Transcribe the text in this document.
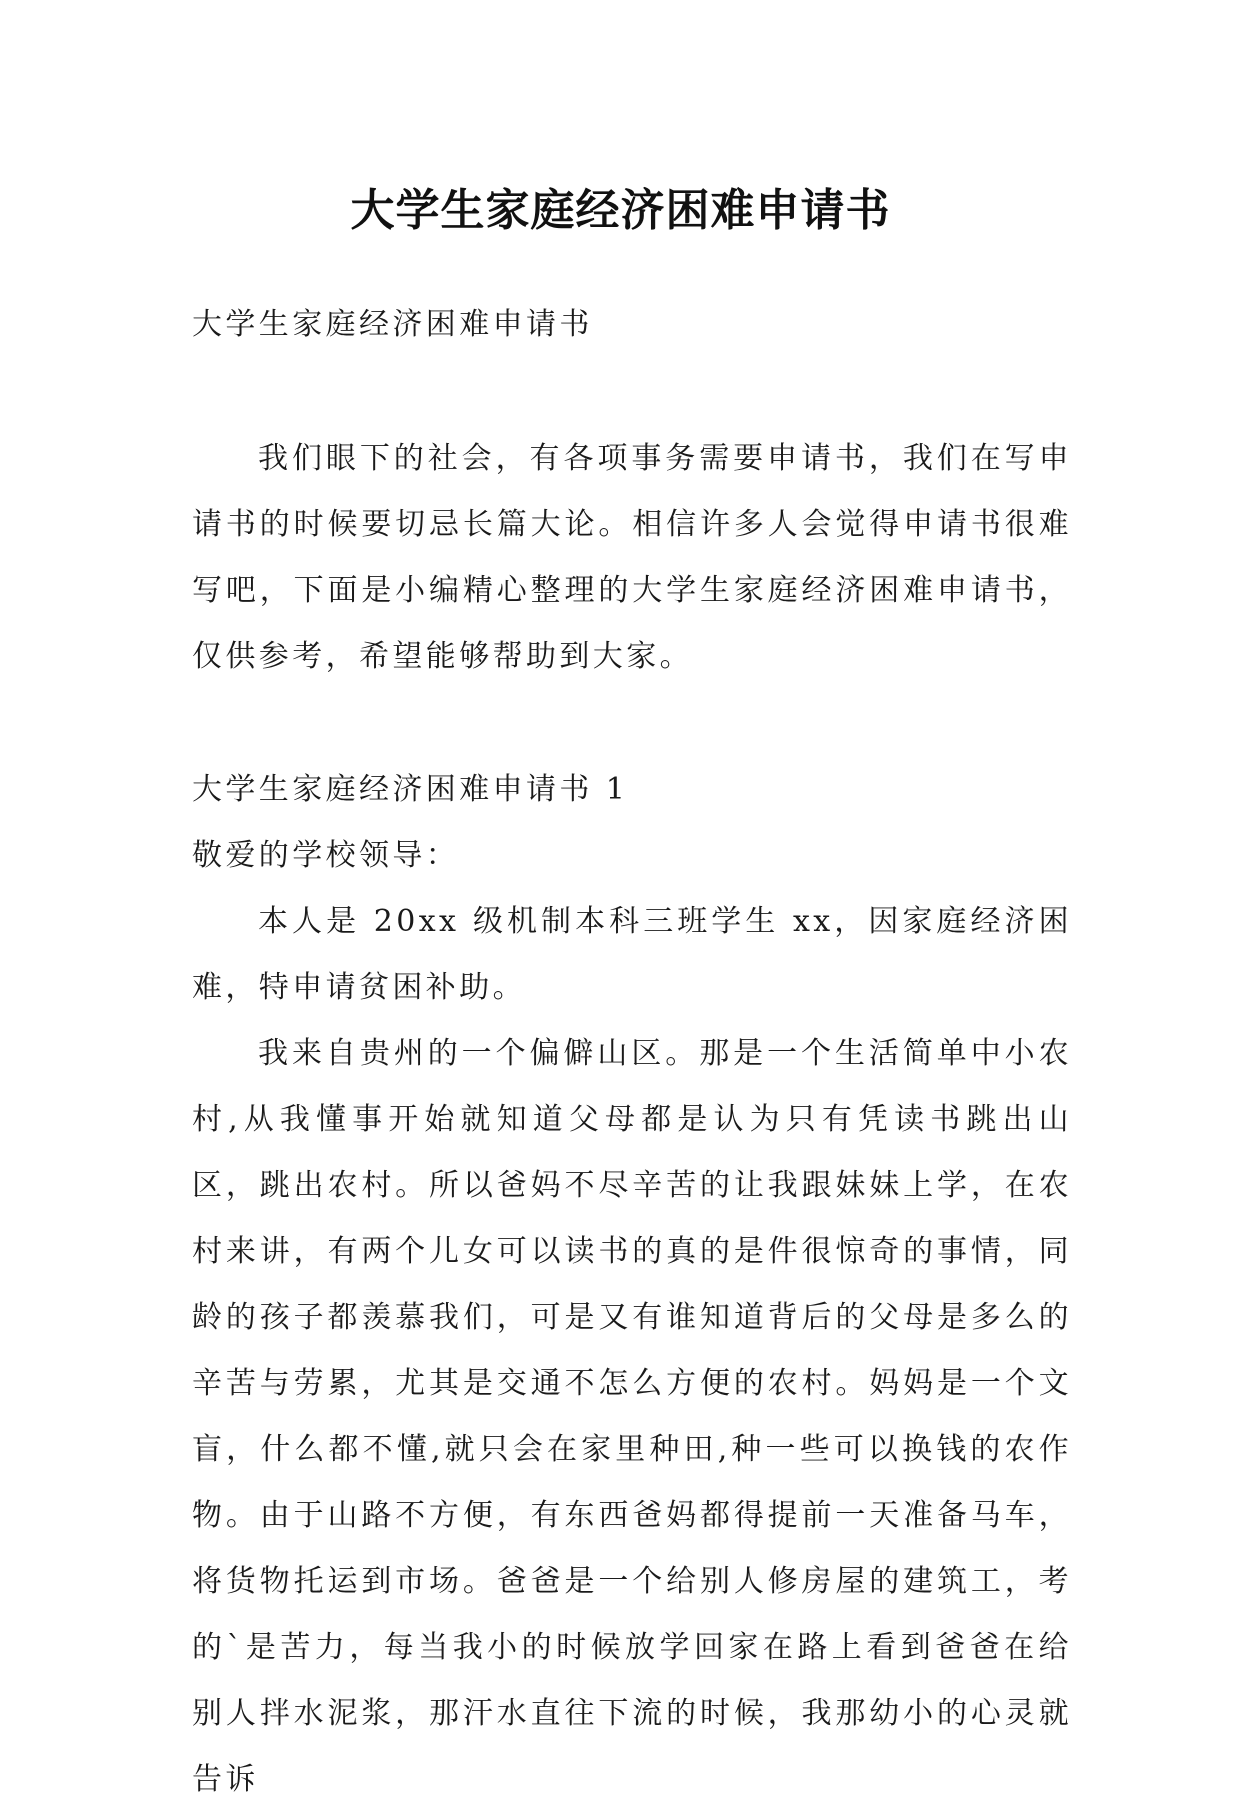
大学生家庭经济困难申请书

大学生家庭经济困难申请书

我们眼下的社会，有各项事务需要申请书，我们在写申请书的时候要切忌长篇大论。相信许多人会觉得申请书很难写吧，下面是小编精心整理的大学生家庭经济困难申请书，仅供参考，希望能够帮助到大家。

大学生家庭经济困难申请书 1

敬爱的学校领导：

本人是 20xx 级机制本科三班学生 xx，因家庭经济困难，特申请贫困补助。

我来自贵州的一个偏僻山区。那是一个生活简单中小农村,从我懂事开始就知道父母都是认为只有凭读书跳出山区，跳出农村。所以爸妈不尽辛苦的让我跟妹妹上学，在农村来讲，有两个儿女可以读书的真的是件很惊奇的事情，同龄的孩子都羡慕我们，可是又有谁知道背后的父母是多么的辛苦与劳累，尤其是交通不怎么方便的农村。妈妈是一个文盲，什么都不懂,就只会在家里种田,种一些可以换钱的农作物。由于山路不方便，有东西爸妈都得提前一天准备马车，将货物托运到市场。爸爸是一个给别人修房屋的建筑工，考的`是苦力，每当我小的时候放学回家在路上看到爸爸在给别人拌水泥浆，那汗水直往下流的时候，我那幼小的心灵就告诉
